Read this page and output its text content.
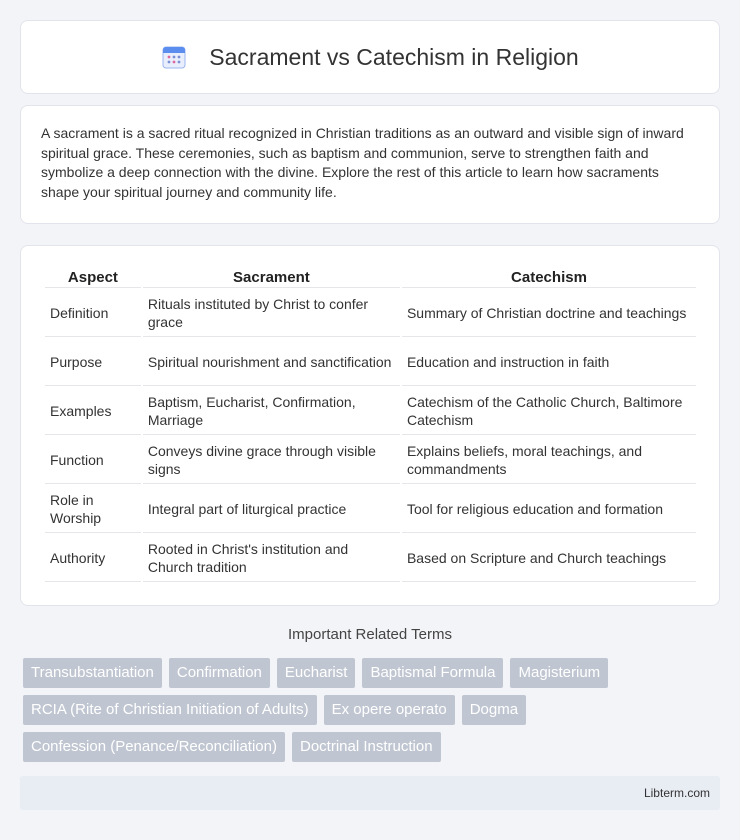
Sacrament vs Catechism in Religion

A sacrament is a sacred ritual recognized in Christian traditions as an outward and visible sign of inward spiritual grace. These ceremonies, such as baptism and communion, serve to strengthen faith and symbolize a deep connection with the divine. Explore the rest of this article to learn how sacraments shape your spiritual journey and community life.

Aspect	Sacrament	Catechism
Definition	Rituals instituted by Christ to confer grace	Summary of Christian doctrine and teachings
Purpose	Spiritual nourishment and sanctification	Education and instruction in faith
Examples	Baptism, Eucharist, Confirmation, Marriage	Catechism of the Catholic Church, Baltimore Catechism
Function	Conveys divine grace through visible signs	Explains beliefs, moral teachings, and commandments
Role in Worship	Integral part of liturgical practice	Tool for religious education and formation
Authority	Rooted in Christ's institution and Church tradition	Based on Scripture and Church teachings
Important Related Terms
Transubstantiation	Confirmation	Eucharist	Baptismal Formula	Magisterium
RCIA (Rite of Christian Initiation of Adults)	Ex opere operato	Dogma
Confession (Penance/Reconciliation)	Doctrinal Instruction
Libterm.com
